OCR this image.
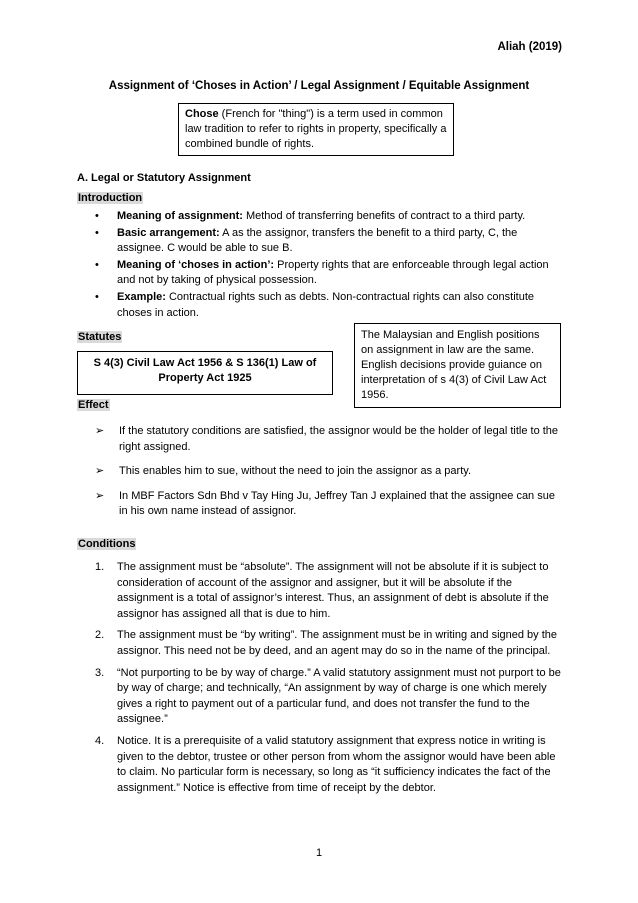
Aliah (2019)
Assignment of ‘Choses in Action’ / Legal Assignment / Equitable Assignment
Chose (French for "thing") is a term used in common law tradition to refer to rights in property, specifically a combined bundle of rights.
A. Legal or Statutory Assignment
Introduction
• Meaning of assignment: Method of transferring benefits of contract to a third party.
• Basic arrangement: A as the assignor, transfers the benefit to a third party, C, the assignee. C would be able to sue B.
• Meaning of ‘choses in action’: Property rights that are enforceable through legal action and not by taking of physical possession.
• Example: Contractual rights such as debts. Non-contractual rights can also constitute choses in action.
Statutes
S 4(3) Civil Law Act 1956 & S 136(1) Law of Property Act 1925
The Malaysian and English positions on assignment in law are the same. English decisions provide guiance on interpretation of s 4(3) of Civil Law Act 1956.
Effect
➢ If the statutory conditions are satisfied, the assignor would be the holder of legal title to the right assigned.
➢ This enables him to sue, without the need to join the assignor as a party.
➢ In MBF Factors Sdn Bhd v Tay Hing Ju, Jeffrey Tan J explained that the assignee can sue in his own name instead of assignor.
Conditions
1. The assignment must be “absolute”. The assignment will not be absolute if it is subject to consideration of account of the assignor and assigner, but it will be absolute if the assignment is a total of assignor’s interest. Thus, an assignment of debt is absolute if the assignor has assigned all that is due to him.
2. The assignment must be “by writing”. The assignment must be in writing and signed by the assignor. This need not be by deed, and an agent may do so in the name of the principal.
3. “Not purporting to be by way of charge.” A valid statutory assignment must not purport to be by way of charge; and technically, “An assignment by way of charge is one which merely gives a right to payment out of a particular fund, and does not transfer the fund to the assignee.”
4. Notice. It is a prerequisite of a valid statutory assignment that express notice in writing is given to the debtor, trustee or other person from whom the assignor would have been able to claim. No particular form is necessary, so long as “it sufficiency indicates the fact of the assignment.” Notice is effective from time of receipt by the debtor.
1
